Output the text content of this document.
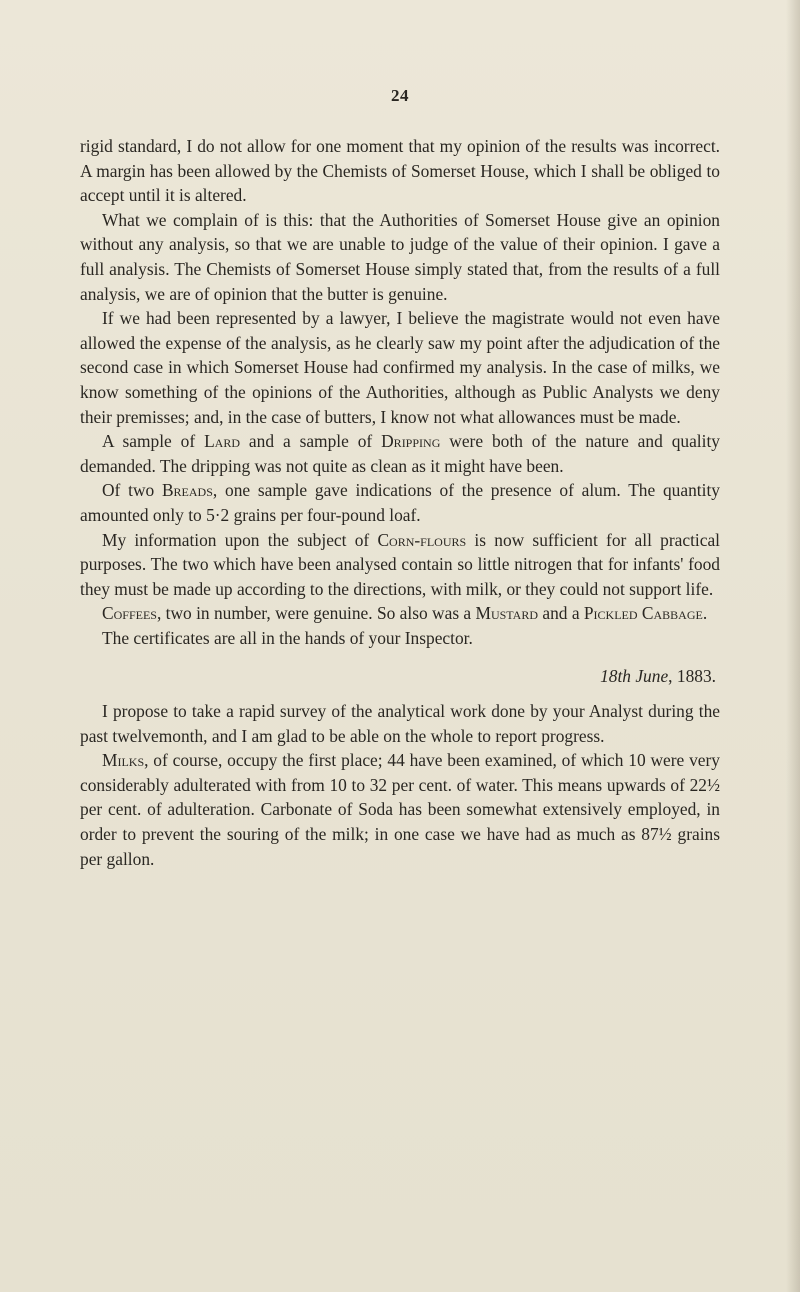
24

rigid standard, I do not allow for one moment that my opinion of the results was incorrect. A margin has been allowed by the Chemists of Somerset House, which I shall be obliged to accept until it is altered.

What we complain of is this: that the Authorities of Somerset House give an opinion without any analysis, so that we are unable to judge of the value of their opinion. I gave a full analysis. The Chemists of Somerset House simply stated that, from the results of a full analysis, we are of opinion that the butter is genuine.

If we had been represented by a lawyer, I believe the magistrate would not even have allowed the expense of the analysis, as he clearly saw my point after the adjudication of the second case in which Somerset House had confirmed my analysis. In the case of milks, we know something of the opinions of the Authorities, although as Public Analysts we deny their premisses; and, in the case of butters, I know not what allowances must be made.

A sample of Lard and a sample of Dripping were both of the nature and quality demanded. The dripping was not quite as clean as it might have been.

Of two Breads, one sample gave indications of the presence of alum. The quantity amounted only to 5·2 grains per four-pound loaf.

My information upon the subject of Corn-flours is now sufficient for all practical purposes. The two which have been analysed contain so little nitrogen that for infants' food they must be made up according to the directions, with milk, or they could not support life.

Coffees, two in number, were genuine. So also was a Mustard and a Pickled Cabbage.

The certificates are all in the hands of your Inspector.

18th June, 1883.

I propose to take a rapid survey of the analytical work done by your Analyst during the past twelvemonth, and I am glad to be able on the whole to report progress.

Milks, of course, occupy the first place; 44 have been examined, of which 10 were very considerably adulterated with from 10 to 32 per cent. of water. This means upwards of 22½ per cent. of adulteration. Carbonate of Soda has been somewhat extensively employed, in order to prevent the souring of the milk; in one case we have had as much as 87½ grains per gallon.
